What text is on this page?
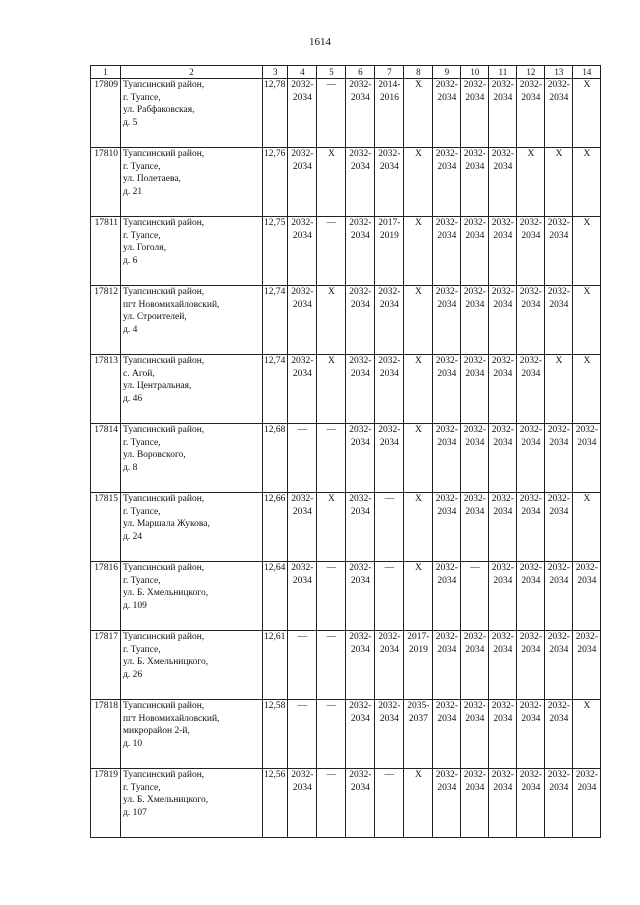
1614
1	2	3	4	5	6	7	8	9	10	11	12	13	14
17809	Туапсинский район,
г. Туапсе,
ул. Рабфаковская,
д. 5	12,78	2032-
2034	—	2032-
2034	2014-
2016	X	2032-
2034	2032-
2034	2032-
2034	2032-
2034	2032-
2034	X

17810	Туапсинский район,
г. Туапсе,
ул. Полетаева,
д. 21	12,76	2032-
2034	X	2032-
2034	2032-
2034	X	2032-
2034	2032-
2034	2032-
2034	X	X	X

17811	Туапсинский район,
г. Туапсе,
ул. Гоголя,
д. 6	12,75	2032-
2034	—	2032-
2034	2017-
2019	X	2032-
2034	2032-
2034	2032-
2034	2032-
2034	2032-
2034	X

17812	Туапсинский район,
пгт Новомихайловский,
ул. Строителей,
д. 4	12,74	2032-
2034	X	2032-
2034	2032-
2034	X	2032-
2034	2032-
2034	2032-
2034	2032-
2034	2032-
2034	X

17813	Туапсинский район,
с. Агой,
ул. Центральная,
д. 46	12,74	2032-
2034	X	2032-
2034	2032-
2034	X	2032-
2034	2032-
2034	2032-
2034	2032-
2034	X	X

17814	Туапсинский район,
г. Туапсе,
ул. Воровского,
д. 8	12,68	—	—	2032-
2034	2032-
2034	X	2032-
2034	2032-
2034	2032-
2034	2032-
2034	2032-
2034	2032-
2034

17815	Туапсинский район,
г. Туапсе,
ул. Маршала Жукова,
д. 24	12,66	2032-
2034	X	2032-
2034	—	X	2032-
2034	2032-
2034	2032-
2034	2032-
2034	2032-
2034	X

17816	Туапсинский район,
г. Туапсе,
ул. Б. Хмельницкого,
д. 109	12,64	2032-
2034	—	2032-
2034	—	X	2032-
2034	—	2032-
2034	2032-
2034	2032-
2034	2032-
2034

17817	Туапсинский район,
г. Туапсе,
ул. Б. Хмельницкого,
д. 26	12,61	—	—	2032-
2034	2032-
2034	2017-
2019	2032-
2034	2032-
2034	2032-
2034	2032-
2034	2032-
2034	2032-
2034

17818	Туапсинский район,
пгт Новомихайловский,
микрорайон 2-й,
д. 10	12,58	—	—	2032-
2034	2032-
2034	2035-
2037	2032-
2034	2032-
2034	2032-
2034	2032-
2034	2032-
2034	X

17819	Туапсинский район,
г. Туапсе,
ул. Б. Хмельницкого,
д. 107	12,56	2032-
2034	—	2032-
2034	—	X	2032-
2034	2032-
2034	2032-
2034	2032-
2034	2032-
2034	2032-
2034
